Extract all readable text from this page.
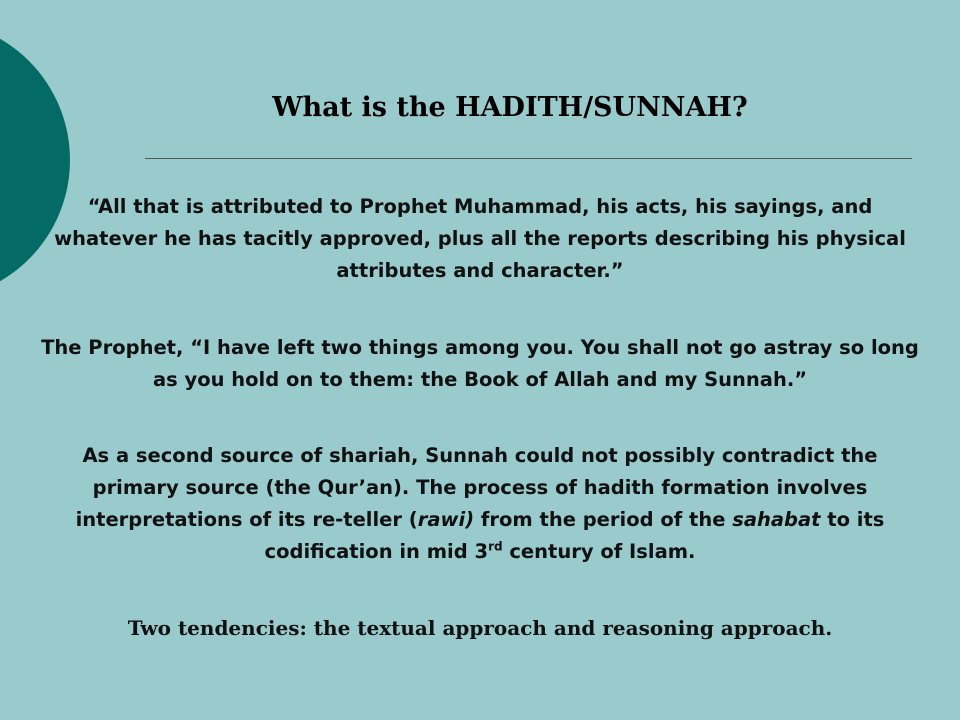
What is the HADITH/SUNNAH?

“All that is attributed to Prophet Muhammad, his acts, his sayings, and whatever he has tacitly approved, plus all the reports describing his physical attributes and character.”

The Prophet, “I have left two things among you. You shall not go astray so long as you hold on to them: the Book of Allah and my Sunnah.”

As a second source of shariah, Sunnah could not possibly contradict the primary source (the Qur’an). The process of hadith formation involves interpretations of its re-teller (rawi) from the period of the sahabat to its codification in mid 3rd century of Islam.

Two tendencies: the textual approach and reasoning approach.
